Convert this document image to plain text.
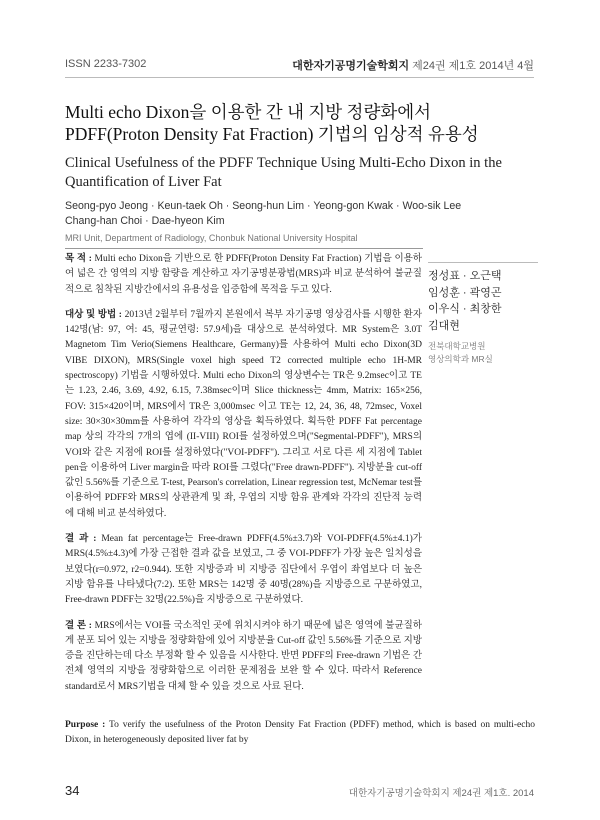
ISSN 2233-7302	대한자기공명기술학회지 제24권 제1호 2014년 4월
Multi echo Dixon을 이용한 간 내 지방 정량화에서
PDFF(Proton Density Fat Fraction) 기법의 임상적 유용성
Clinical Usefulness of the PDFF Technique Using Multi-Echo Dixon in the
Quantification of Liver Fat
Seong-pyo Jeong · Keun-taek Oh · Seong-hun Lim · Yeong-gon Kwak · Woo-sik Lee
Chang-han Choi · Dae-hyeon Kim
MRI Unit, Department of Radiology, Chonbuk National University Hospital

목 적 : Multi echo Dixon을 기반으로 한 PDFF(Proton Density Fat Fraction) 기법을 이용하여 넓은 간 영역의 지방 함량을 계산하고 자기공명분광법(MRS)과 비교 분석하여 불균질 적으로 침착된 지방간에서의 유용성을 입증함에 목적을 두고 있다.

대상 및 방법 : 2013년 2월부터 7월까지 본원에서 복부 자기공명 영상검사를 시행한 환자 142명(남: 97, 여: 45, 평균연령: 57.9세)을 대상으로 분석하였다. MR System은 3.0T Magnetom Tim Verio(Siemens Healthcare, Germany)를 사용하여 Multi echo Dixon(3D VIBE DIXON), MRS(Single voxel high speed T2 corrected multiple echo 1H-MR spectroscopy) 기법을 시행하였다. Multi echo Dixon의 영상변수는 TR은 9.2msec이고 TE는 1.23, 2.46, 3.69, 4.92, 6.15, 7.38msec이며 Slice thickness는 4mm, Matrix: 165×256, FOV: 315×420이며, MRS에서 TR은 3,000msec 이고 TE는 12, 24, 36, 48, 72msec, Voxel size: 30×30×30mm를 사용하여 각각의 영상을 획득하였다. 획득한 PDFF Fat percentage map 상의 각각의 7개의 엽에 (II-VIII) ROI를 설정하였으며("Segmental-PDFF"), MRS의 VOI와 같은 지점에 ROI를 설정하였다("VOI-PDFF"). 그리고 서로 다른 세 지점에 Tablet pen을 이용하여 Liver margin을 따라 ROI를 그렸다("Free drawn-PDFF"). 지방분율 cut-off 값인 5.56%를 기준으로 T-test, Pearson's correlation, Linear regression test, McNemar test를 이용하여 PDFF와 MRS의 상관관계 및 좌, 우엽의 지방 함유 관계와 각각의 진단적 능력에 대해 비교 분석하였다.

결 과 : Mean fat percentage는 Free-drawn PDFF(4.5%±3.7)와 VOI-PDFF(4.5%±4.1)가 MRS(4.5%±4.3)에 가장 근접한 결과 값을 보였고, 그 중 VOI-PDFF가 가장 높은 일치성을 보였다(r=0.972, r2=0.944). 또한 지방증과 비 지방증 집단에서 우엽이 좌엽보다 더 높은 지방 함유를 나타냈다(7:2). 또한 MRS는 142명 중 40명(28%)을 지방증으로 구분하였고, Free-drawn PDFF는 32명(22.5%)을 지방증으로 구분하였다.

결 론 : MRS에서는 VOI를 국소적인 곳에 위치시켜야 하기 때문에 넓은 영역에 불균질하게 분포 되어 있는 지방을 정량화함에 있어 지방분율 Cut-off 값인 5.56%를 기준으로 지방증을 진단하는데 다소 부정확 할 수 있음을 시사한다. 반면 PDFF의 Free-drawn 기법은 간 전체 영역의 지방을 정량화함으로 이러한 문제점을 보완 할 수 있다. 따라서 Reference standard로서 MRS기법을 대체 할 수 있을 것으로 사료 된다.

정성표 · 오근택
임성훈 · 곽영곤
이우식 · 최창한
김대현
전북대학교병원
영상의학과 MR실
Purpose : To verify the usefulness of the Proton Density Fat Fraction (PDFF) method, which is based on multi-echo Dixon, in heterogeneously deposited liver fat by
34	대한자기공명기술학회지 제24권 제1호. 2014
